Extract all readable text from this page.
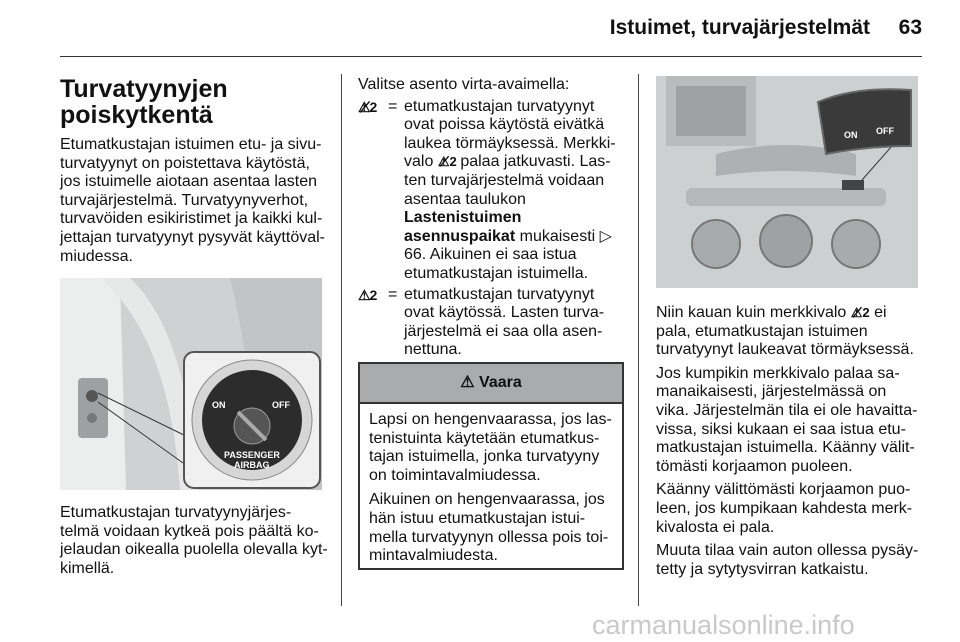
Istuimet, turvajärjestelmät 63
Turvatyynyjen
poiskytkentä

Etumatkustajan istuimen etu- ja sivu-turvatyynyt on poistettava käytöstä, jos istuimelle aiotaan asentaa lasten turvajärjestelmä. Turvatyynyverhot, turvavöiden esikiristimet ja kaikki kul-jettajan turvatyynyt pysyvät käyttöval-miudessa.

ON	OFF
PASSENGER
AIRBAG

Etumatkustajan turvatyynyjärjes-telmä voidaan kytkeä pois päältä ko-jelaudan oikealla puolella olevalla kyt-kimellä.

Valitse asento virta-avaimella:

⚠̸2 = etumatkustajan turvatyynyt ovat poissa käytöstä eivätkä laukea törmäyksessä. Merkki-valo ⚠̸2 palaa jatkuvasti. Las-ten turvajärjestelmä voidaan asentaa taulukon Lastenistuimen asennuspaikat mukaisesti ▷ 66. Aikuinen ei saa istua etumatkustajan istuimella.
⚠2 = etumatkustajan turvatyynyt ovat käytössä. Lasten turva-järjestelmä ei saa olla asen-nettuna.
⚠ Vaara

Lapsi on hengenvaarassa, jos las-tenistuinta käytetään etumatkus-tajan istuimella, jonka turvatyyny on toimintavalmiudessa.

Aikuinen on hengenvaarassa, jos hän istuu etumatkustajan istui-mella turvatyynyn ollessa pois toi-mintavalmiudesta.

ON OFF

Niin kauan kuin merkkivalo ⚠̸2 ei pala, etumatkustajan istuimen turvatyynyt laukeavat törmäyksessä.

Jos kumpikin merkkivalo palaa sa-manaikaisesti, järjestelmässä on vika. Järjestelmän tila ei ole havaitta-vissa, siksi kukaan ei saa istua etu-matkustajan istuimella. Käänny välit-tömästi korjaamon puoleen.

Käänny välittömästi korjaamon puo-leen, jos kumpikaan kahdesta merk-kivalosta ei pala.

Muuta tilaa vain auton ollessa pysäy-tetty ja sytytysvirran katkaistu.

carmanualsonline.info
